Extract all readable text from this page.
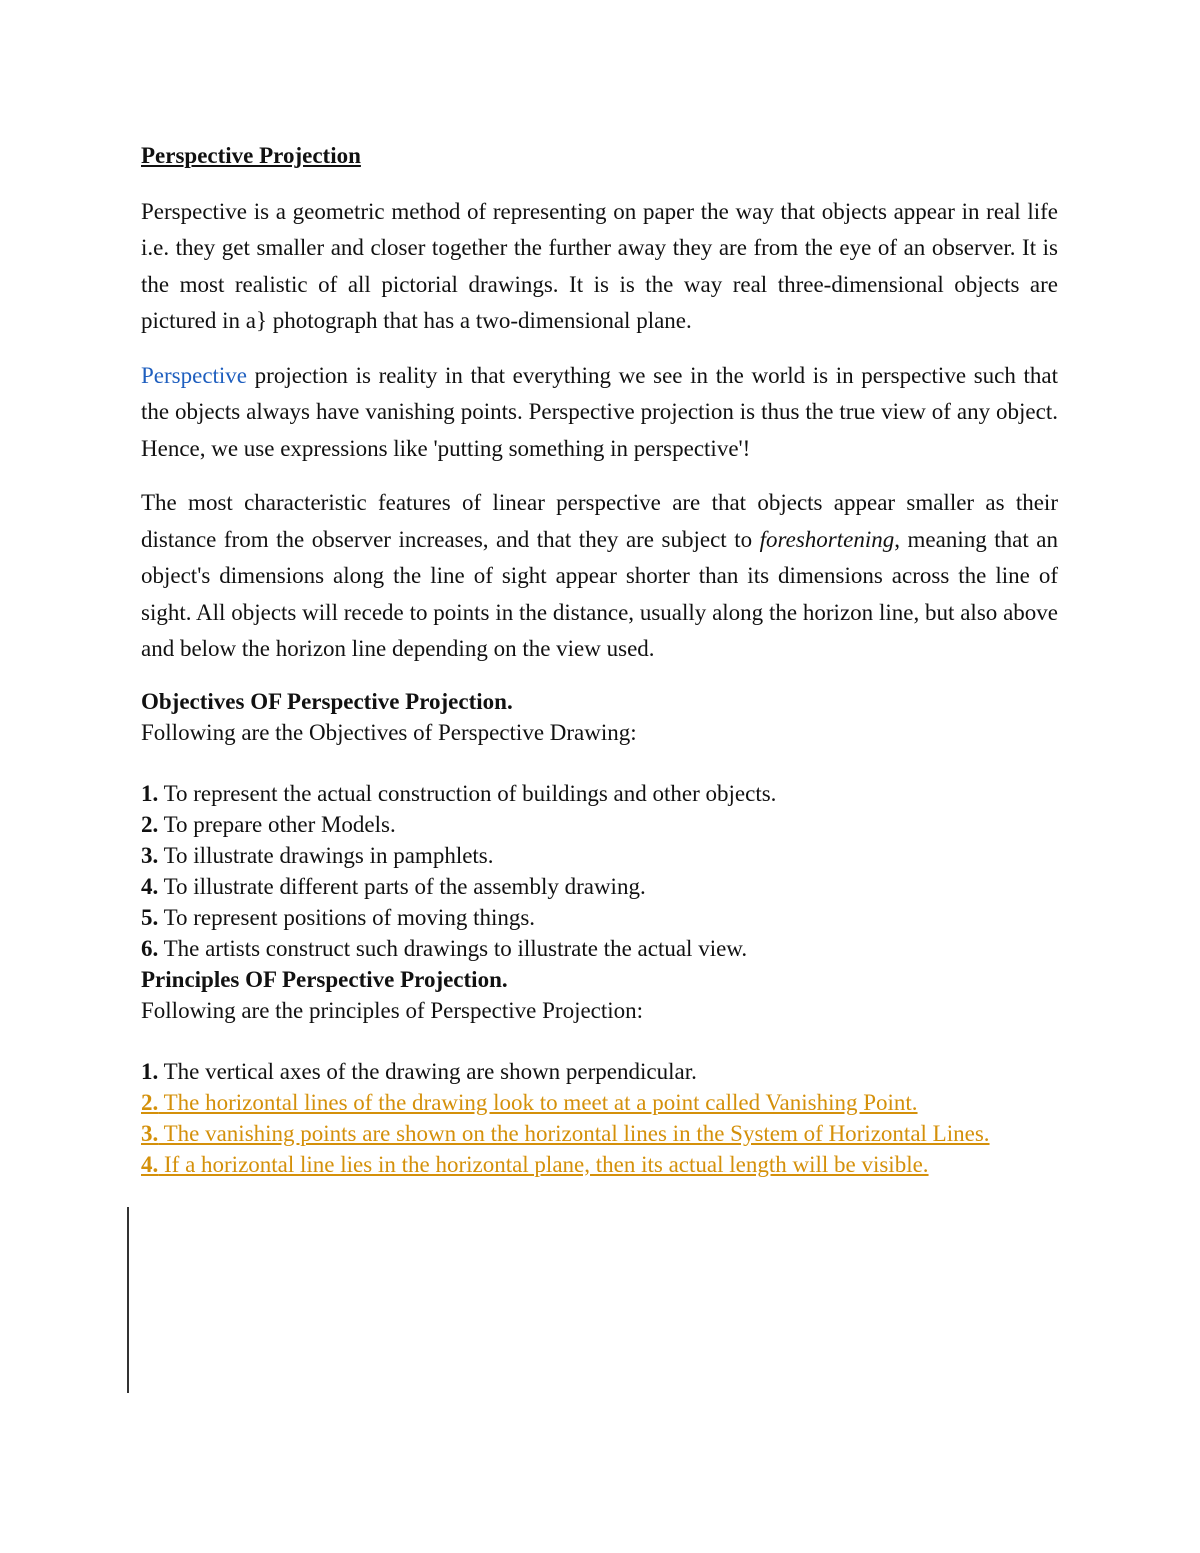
Perspective Projection

Perspective is a geometric method of representing on paper the way that objects appear in real life i.e. they get smaller and closer together the further away they are from the eye of an observer. It is the most realistic of all pictorial drawings. It is is the way real three-dimensional objects are pictured in a} photograph that has a two-dimensional plane.

Perspective projection is reality in that everything we see in the world is in perspective such that the objects always have vanishing points. Perspective projection is thus the true view of any object. Hence, we use expressions like 'putting something in perspective'!

The most characteristic features of linear perspective are that objects appear smaller as their distance from the observer increases, and that they are subject to foreshortening, meaning that an object's dimensions along the line of sight appear shorter than its dimensions across the line of sight. All objects will recede to points in the distance, usually along the horizon line, but also above and below the horizon line depending on the view used.

Objectives OF Perspective Projection.

Following are the Objectives of Perspective Drawing:

1. To represent the actual construction of buildings and other objects.

2. To prepare other Models.

3. To illustrate drawings in pamphlets.

4. To illustrate different parts of the assembly drawing.

5. To represent positions of moving things.

6. The artists construct such drawings to illustrate the actual view.

Principles OF Perspective Projection.

Following are the principles of Perspective Projection:

1. The vertical axes of the drawing are shown perpendicular.

2. The horizontal lines of the drawing look to meet at a point called Vanishing Point.

3. The vanishing points are shown on the horizontal lines in the System of Horizontal Lines.

4. If a horizontal line lies in the horizontal plane, then its actual length will be visible.
